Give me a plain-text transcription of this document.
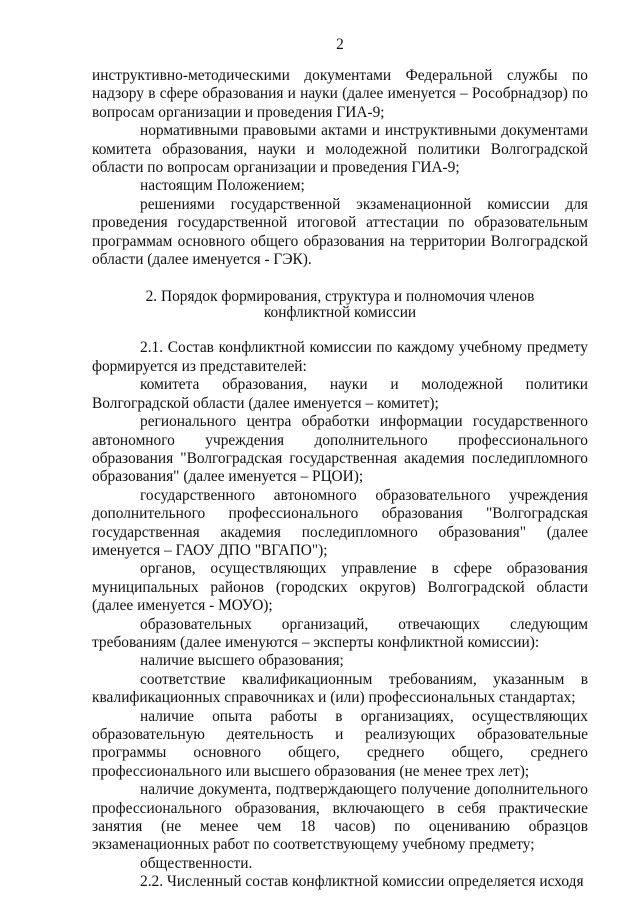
2

инструктивно-методическими документами Федеральной службы по надзору в сфере образования и науки (далее именуется – Рособрнадзор) по вопросам организации и проведения ГИА-9;

нормативными правовыми актами и инструктивными документами комитета образования, науки и молодежной политики Волгоградской области по вопросам организации и проведения ГИА-9;

настоящим Положением;

решениями государственной экзаменационной комиссии для проведения государственной итоговой аттестации по образовательным программам основного общего образования на территории Волгоградской области (далее именуется - ГЭК).

2. Порядок формирования, структура и полномочия членов
конфликтной комиссии

2.1. Состав конфликтной комиссии по каждому учебному предмету формируется из представителей:

комитета образования, науки и молодежной политики Волгоградской области (далее именуется – комитет);

регионального центра обработки информации государственного автономного учреждения дополнительного профессионального образования "Волгоградская государственная академия последипломного образования" (далее именуется – РЦОИ);

государственного автономного образовательного учреждения дополнительного профессионального образования "Волгоградская государственная академия последипломного образования" (далее именуется – ГАОУ ДПО "ВГАПО");

органов, осуществляющих управление в сфере образования муниципальных районов (городских округов) Волгоградской области (далее именуется - МОУО);

образовательных организаций, отвечающих следующим требованиям (далее именуются – эксперты конфликтной комиссии):

наличие высшего образования;

соответствие квалификационным требованиям, указанным в квалификационных справочниках и (или) профессиональных стандартах;

наличие опыта работы в организациях, осуществляющих образовательную деятельность и реализующих образовательные программы основного общего, среднего общего, среднего профессионального или высшего образования (не менее трех лет);

наличие документа, подтверждающего получение дополнительного профессионального образования, включающего в себя практические занятия (не менее чем 18 часов) по оцениванию образцов экзаменационных работ по соответствующему учебному предмету;

общественности.

2.2. Численный состав конфликтной комиссии определяется исходя
